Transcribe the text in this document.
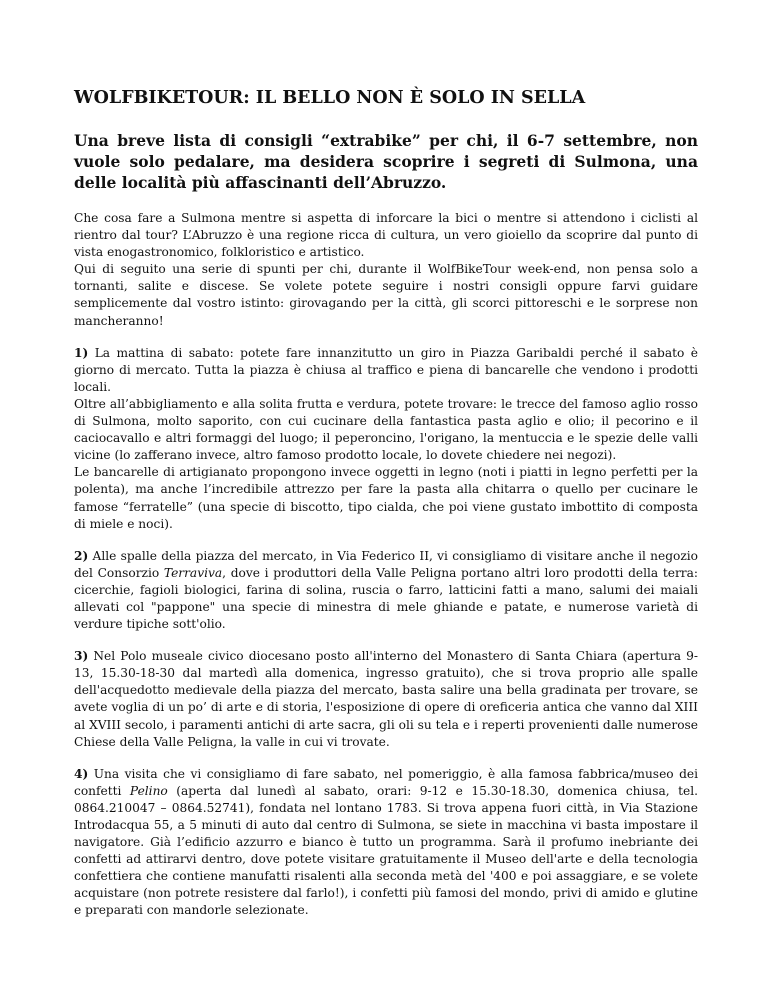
WOLFBIKETOUR: IL BELLO NON È SOLO IN SELLA
Una breve lista di consigli “extrabike” per chi, il 6-7 settembre, non vuole solo pedalare, ma desidera scoprire i segreti di Sulmona, una delle località più affascinanti dell’Abruzzo.

Che cosa fare a Sulmona mentre si aspetta di inforcare la bici o mentre si attendono i ciclisti al rientro dal tour? L’Abruzzo è una regione ricca di cultura, un vero gioiello da scoprire dal punto di vista enogastronomico, folkloristico e artistico.

Qui di seguito una serie di spunti per chi, durante il WolfBikeTour week-end, non pensa solo a tornanti, salite e discese. Se volete potete seguire i nostri consigli oppure farvi guidare semplicemente dal vostro istinto: girovagando per la città, gli scorci pittoreschi e le sorprese non mancheranno!

1) La mattina di sabato: potete fare innanzitutto un giro in Piazza Garibaldi perché il sabato è giorno di mercato. Tutta la piazza è chiusa al traffico e piena di bancarelle che vendono i prodotti locali.

Oltre all’abbigliamento e alla solita frutta e verdura, potete trovare: le trecce del famoso aglio rosso di Sulmona, molto saporito, con cui cucinare della fantastica pasta aglio e olio; il pecorino e il caciocavallo e altri formaggi del luogo; il peperoncino, l'origano, la mentuccia e le spezie delle valli vicine (lo zafferano invece, altro famoso prodotto locale, lo dovete chiedere nei negozi).

Le bancarelle di artigianato propongono invece oggetti in legno (noti i piatti in legno perfetti per la polenta), ma anche l’incredibile attrezzo per fare la pasta alla chitarra o quello per cucinare le famose “ferratelle” (una specie di biscotto, tipo cialda, che poi viene gustato imbottito di composta di miele e noci).

2) Alle spalle della piazza del mercato, in Via Federico II, vi consigliamo di visitare anche il negozio del Consorzio Terraviva, dove i produttori della Valle Peligna portano altri loro prodotti della terra: cicerchie, fagioli biologici, farina di solina, ruscia o farro, latticini fatti a mano, salumi dei maiali allevati col "pappone" una specie di minestra di mele ghiande e patate, e numerose varietà di verdure tipiche sott'olio.

3) Nel Polo museale civico diocesano posto all'interno del Monastero di Santa Chiara (apertura 9-13, 15.30-18-30 dal martedì alla domenica, ingresso gratuito), che si trova proprio alle spalle dell'acquedotto medievale della piazza del mercato, basta salire una bella gradinata per trovare, se avete voglia di un po’ di arte e di storia, l'esposizione di opere di oreficeria antica che vanno dal XIII al XVIII secolo, i paramenti antichi di arte sacra, gli oli su tela e i reperti provenienti dalle numerose Chiese della Valle Peligna, la valle in cui vi trovate.

4) Una visita che vi consigliamo di fare sabato, nel pomeriggio, è alla famosa fabbrica/museo dei confetti Pelino (aperta dal lunedì al sabato, orari: 9-12 e 15.30-18.30, domenica chiusa, tel. 0864.210047 – 0864.52741), fondata nel lontano 1783. Si trova appena fuori città, in Via Stazione Introdacqua 55, a 5 minuti di auto dal centro di Sulmona, se siete in macchina vi basta impostare il navigatore. Già l’edificio azzurro e bianco è tutto un programma. Sarà il profumo inebriante dei confetti ad attirarvi dentro, dove potete visitare gratuitamente il Museo dell'arte e della tecnologia confettiera che contiene manufatti risalenti alla seconda metà del '400 e poi assaggiare, e se volete acquistare (non potrete resistere dal farlo!), i confetti più famosi del mondo, privi di amido e glutine e preparati con mandorle selezionate.
